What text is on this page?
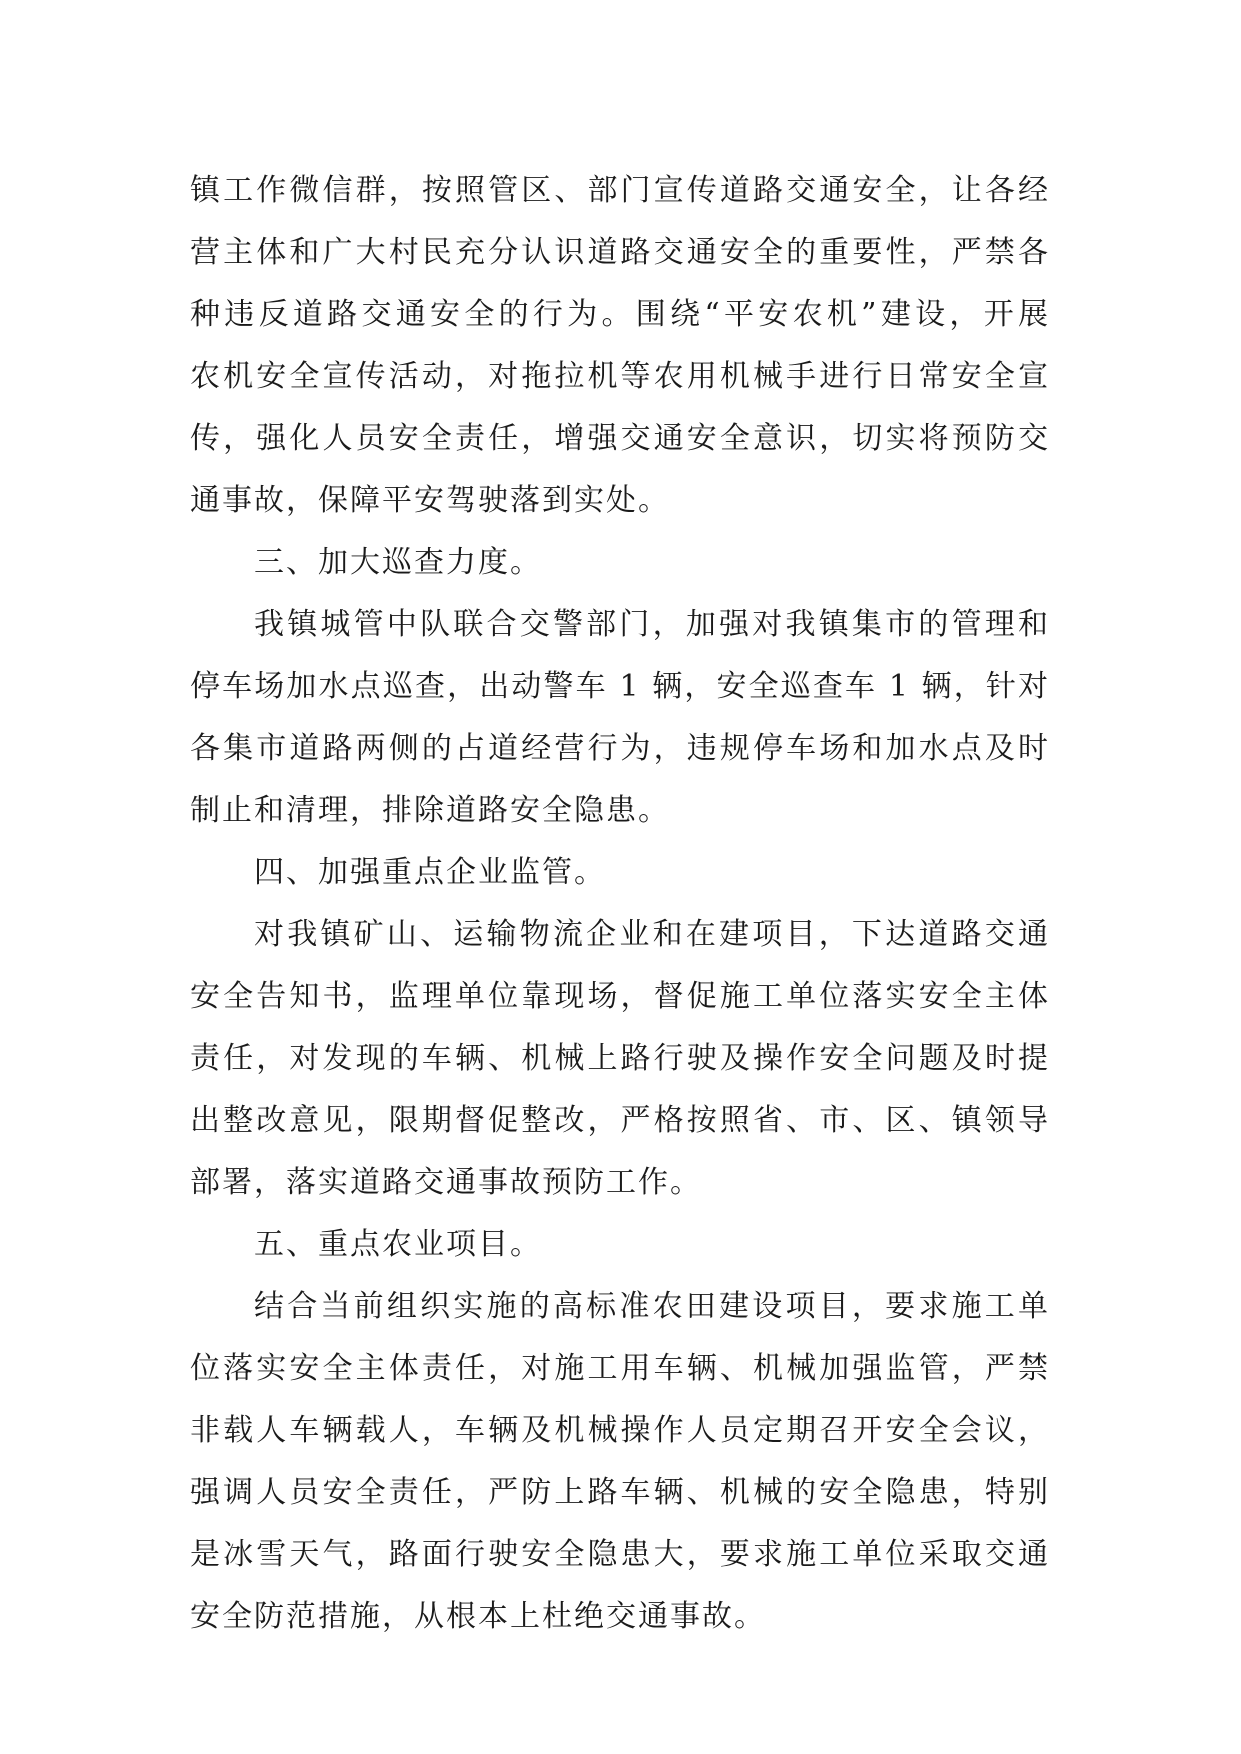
镇工作微信群，按照管区、部门宣传道路交通安全，让各经
营主体和广大村民充分认识道路交通安全的重要性，严禁各
种违反道路交通安全的行为。围绕“平安农机”建设，开展
农机安全宣传活动，对拖拉机等农用机械手进行日常安全宣
传，强化人员安全责任，增强交通安全意识，切实将预防交
通事故，保障平安驾驶落到实处。
三、加大巡查力度。
我镇城管中队联合交警部门，加强对我镇集市的管理和
停车场加水点巡查，出动警车 1 辆，安全巡查车 1 辆，针对
各集市道路两侧的占道经营行为，违规停车场和加水点及时
制止和清理，排除道路安全隐患。
四、加强重点企业监管。
对我镇矿山、运输物流企业和在建项目，下达道路交通
安全告知书，监理单位靠现场，督促施工单位落实安全主体
责任，对发现的车辆、机械上路行驶及操作安全问题及时提
出整改意见，限期督促整改，严格按照省、市、区、镇领导
部署，落实道路交通事故预防工作。
五、重点农业项目。
结合当前组织实施的高标准农田建设项目，要求施工单
位落实安全主体责任，对施工用车辆、机械加强监管，严禁
非载人车辆载人，车辆及机械操作人员定期召开安全会议，
强调人员安全责任，严防上路车辆、机械的安全隐患，特别
是冰雪天气，路面行驶安全隐患大，要求施工单位采取交通
安全防范措施，从根本上杜绝交通事故。
